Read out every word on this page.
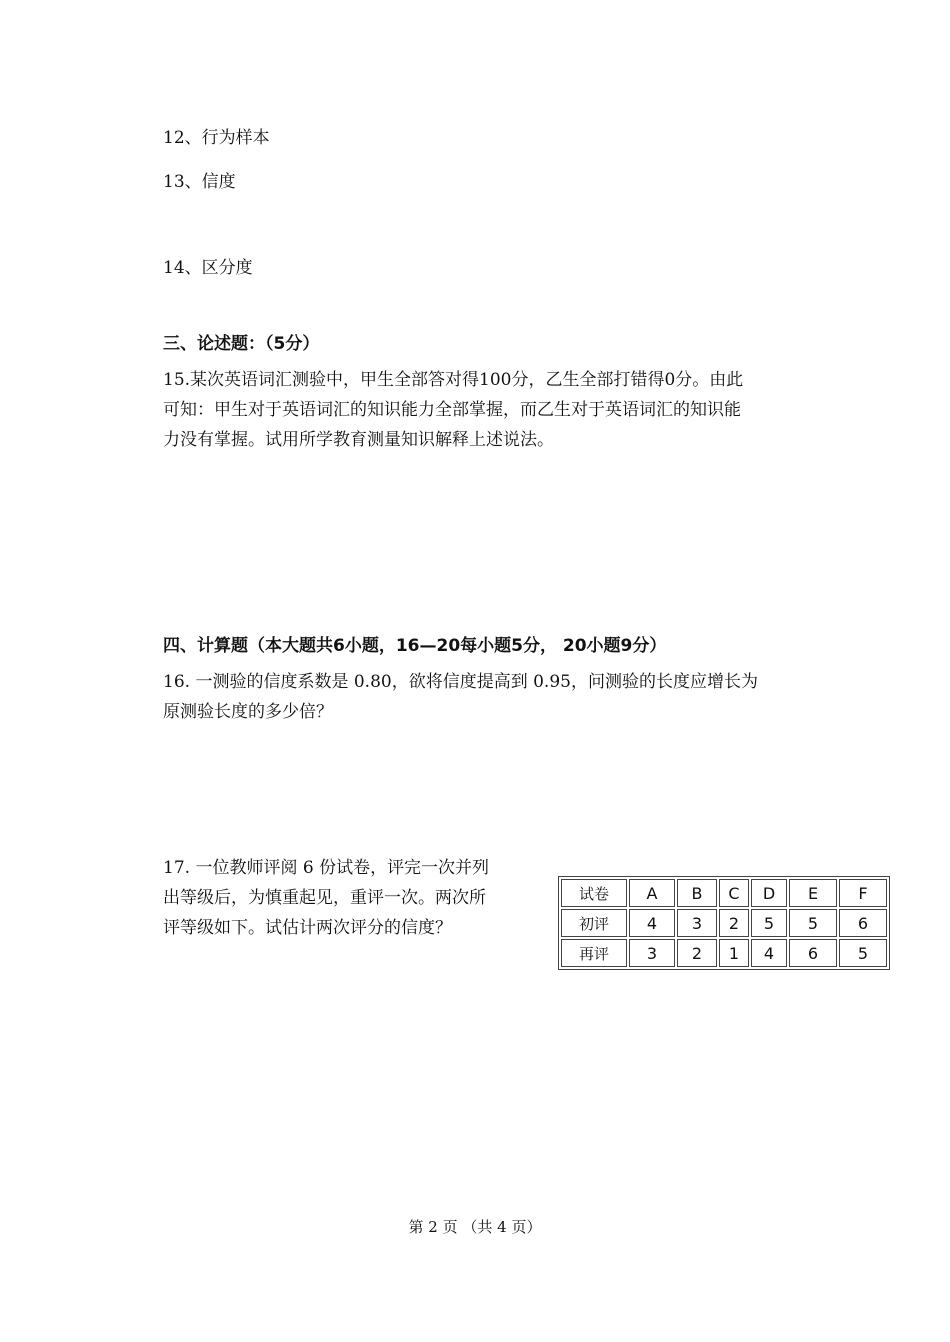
12、行为样本
13、信度
14、区分度
三、论述题：（5分）
15.某次英语词汇测验中，甲生全部答对得100分，乙生全部打错得0分。由此
可知：甲生对于英语词汇的知识能力全部掌握，而乙生对于英语词汇的知识能
力没有掌握。试用所学教育测量知识解释上述说法。
四、计算题（本大题共6小题，16—20每小题5分， 20小题9分）
16. 一测验的信度系数是 0.80，欲将信度提高到 0.95，问测验的长度应增长为
原测验长度的多少倍？
17. 一位教师评阅 6 份试卷，评完一次并列
出等级后，为慎重起见，重评一次。两次所
评等级如下。试估计两次评分的信度？
试卷	A	B	C	D	E	F
初评	4	3	2	5	5	6
再评	3	2	1	4	6	5
第 2 页 （共 4 页）
